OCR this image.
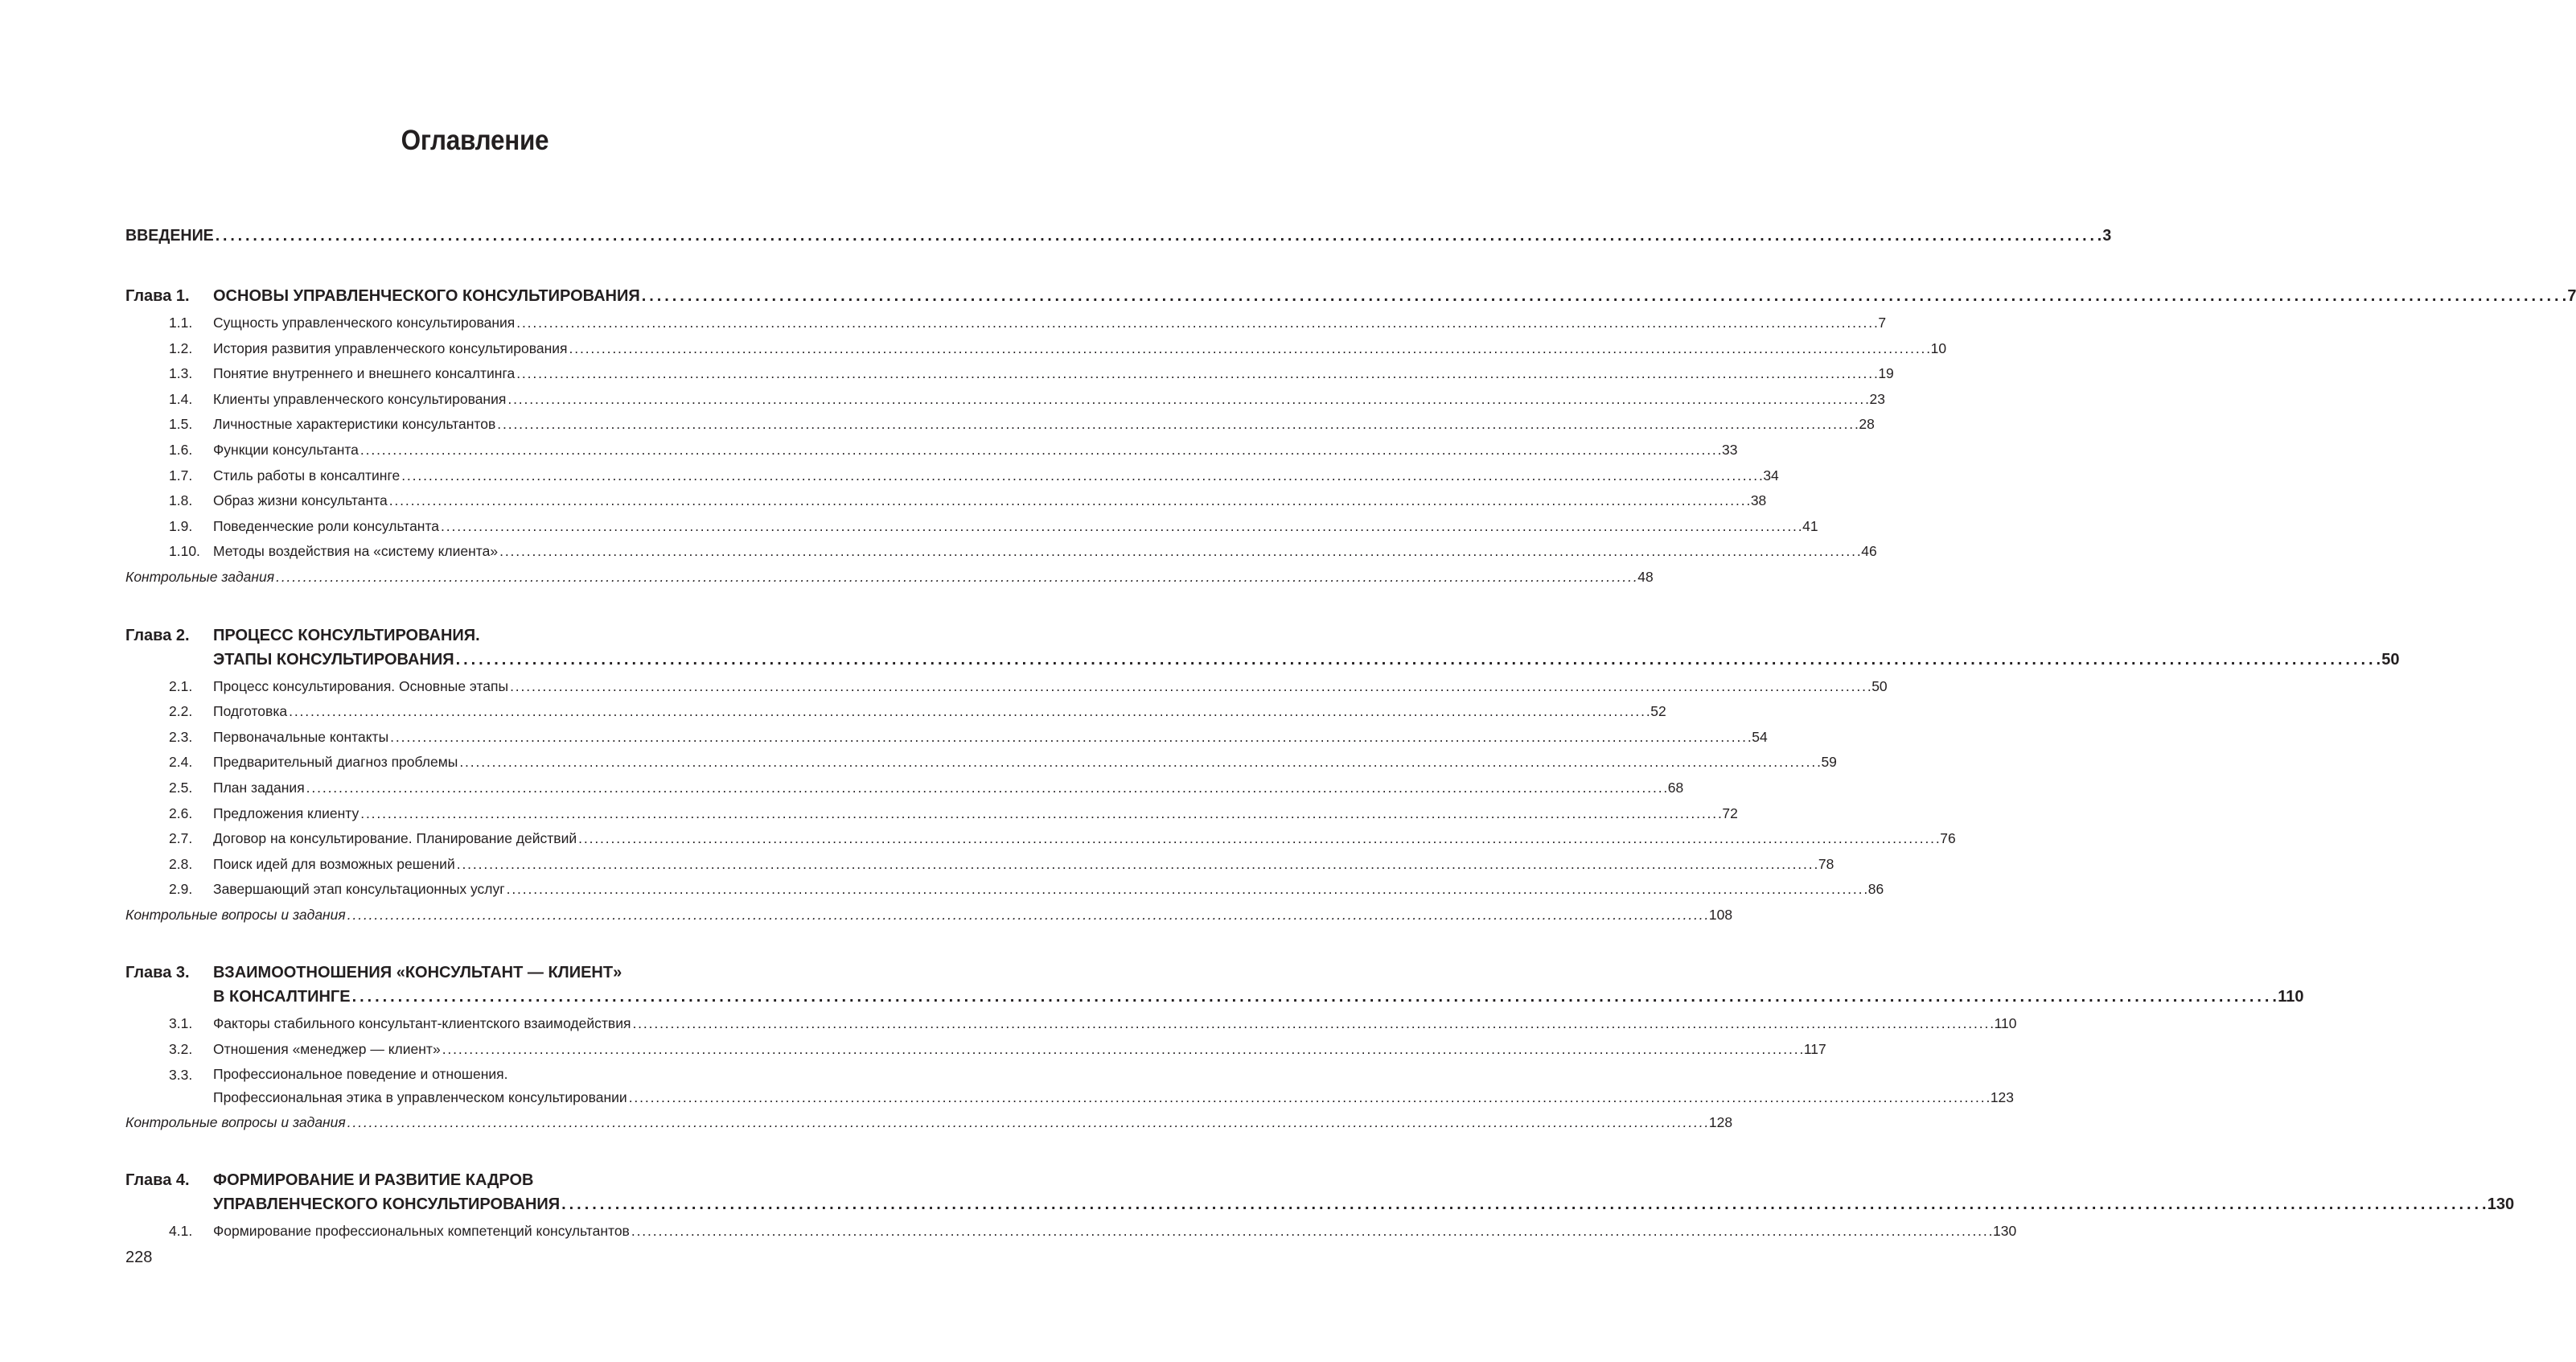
Оглавление
ВВЕДЕНИЕ . . .	3
Глава 1.	ОСНОВЫ УПРАВЛЕНЧЕСКОГО КОНСУЛЬТИРОВАНИЯ . . .	7
1.1.	Сущность управленческого консультирования . . .	7
1.2.	История развития управленческого консультирования . . .	10
1.3.	Понятие внутреннего и внешнего консалтинга . . .	19
1.4.	Клиенты управленческого консультирования . . .	23
1.5.	Личностные характеристики консультантов . . .	28
1.6.	Функции консультанта . . .	33
1.7.	Стиль работы в консалтинге . . .	34
1.8.	Образ жизни консультанта . . .	38
1.9.	Поведенческие роли консультанта . . .	41
1.10. Методы воздействия на «систему клиента» . . .	46
Контрольные задания . . .	48
Глава 2.	ПРОЦЕСС КОНСУЛЬТИРОВАНИЯ.
ЭТАПЫ КОНСУЛЬТИРОВАНИЯ . . .	50
2.1.	Процесс консультирования. Основные этапы . . .	50
2.2.	Подготовка . . .	52
2.3.	Первоначальные контакты . . .	54
2.4.	Предварительный диагноз проблемы . . .	59
2.5.	План задания . . .	68
2.6.	Предложения клиенту . . .	72
2.7.	Договор на консультирование. Планирование действий . . .	76
2.8.	Поиск идей для возможных решений . . .	78
2.9.	Завершающий этап консультационных услуг . . .	86
Контрольные вопросы и задания . . .	108
Глава 3.	ВЗАИМООТНОШЕНИЯ «КОНСУЛЬТАНТ — КЛИЕНТ»
В КОНСАЛТИНГЕ . . .	110
3.1.	Факторы стабильного консультант-клиентского взаимодействия . . .	110
3.2.	Отношения «менеджер — клиент» . . .	117
3.3.	Профессиональное поведение и отношения.
Профессиональная этика в управленческом консультировании . . .	123
Контрольные вопросы и задания . . .	128
Глава 4.	ФОРМИРОВАНИЕ И РАЗВИТИЕ КАДРОВ
УПРАВЛЕНЧЕСКОГО КОНСУЛЬТИРОВАНИЯ . . .	130
4.1.	Формирование профессиональных компетенций консультантов . . .	130
228
